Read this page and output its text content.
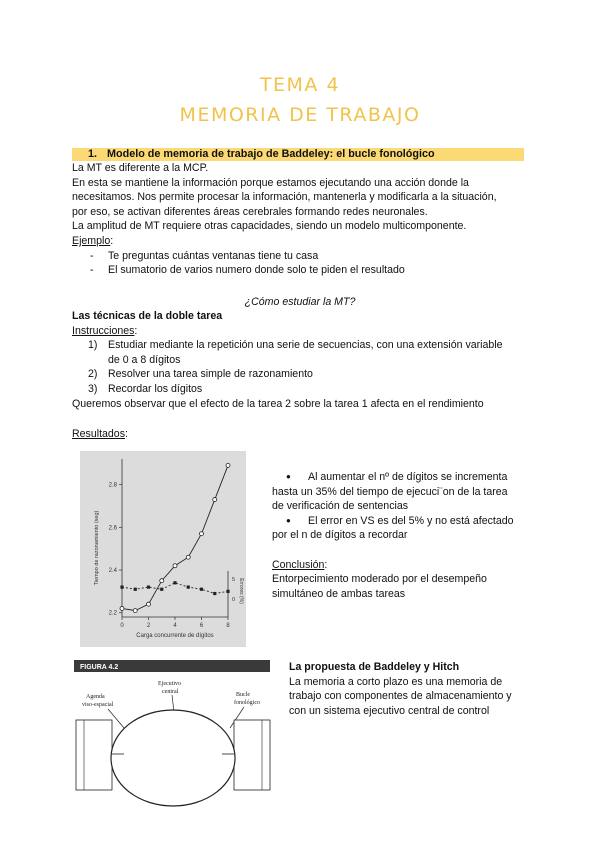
TEMA 4
MEMORIA DE TRABAJO
1. Modelo de memoria de trabajo de Baddeley: el bucle fonológico
La MT es diferente a la MCP.
En esta se mantiene la información porque estamos ejecutando una acción donde la
necesitamos. Nos permite procesar la información, mantenerla y modificarla a la situación,
por eso, se activan diferentes áreas cerebrales formando redes neuronales.
La amplitud de MT requiere otras capacidades, siendo un modelo multicomponente.
Ejemplo:
- Te preguntas cuántas ventanas tiene tu casa
- El sumatorio de varios numero donde solo te piden el resultado
¿Cómo estudiar la MT?
Las técnicas de la doble tarea
Instrucciones:
1) Estudiar mediante la repetición una serie de secuencias, con una extensión variable
de 0 a 8 dígitos
2) Resolver una tarea simple de razonamiento
3) Recordar los dígitos
Queremos observar que el efecto de la tarea 2 sobre la tarea 1 afecta en el rendimiento
Resultados:
2.2
2.4
2.6
2.8
0	2	4	6	8
0
5
Carga concurrente de dígitos
Tiempo de razonamiento (seg)
Errores (%)
● Al aumentar el nº de dígitos se incrementa
hasta un 35% del tiempo de ejecuci¨on de la tarea
de verificación de sentencias
● El error en VS es del 5% y no está afectado
por el n de dígitos a recordar
Conclusión:
Entorpecimiento moderado por el desempeño
simultáneo de ambas tareas
FIGURA 4.2
Agenda
viso-espacial
Ejecutivo
central	Bucle
fonológico
La propuesta de Baddeley y Hitch
La memoria a corto plazo es una memoria de
trabajo con componentes de almacenamiento y
con un sistema ejecutivo central de control
